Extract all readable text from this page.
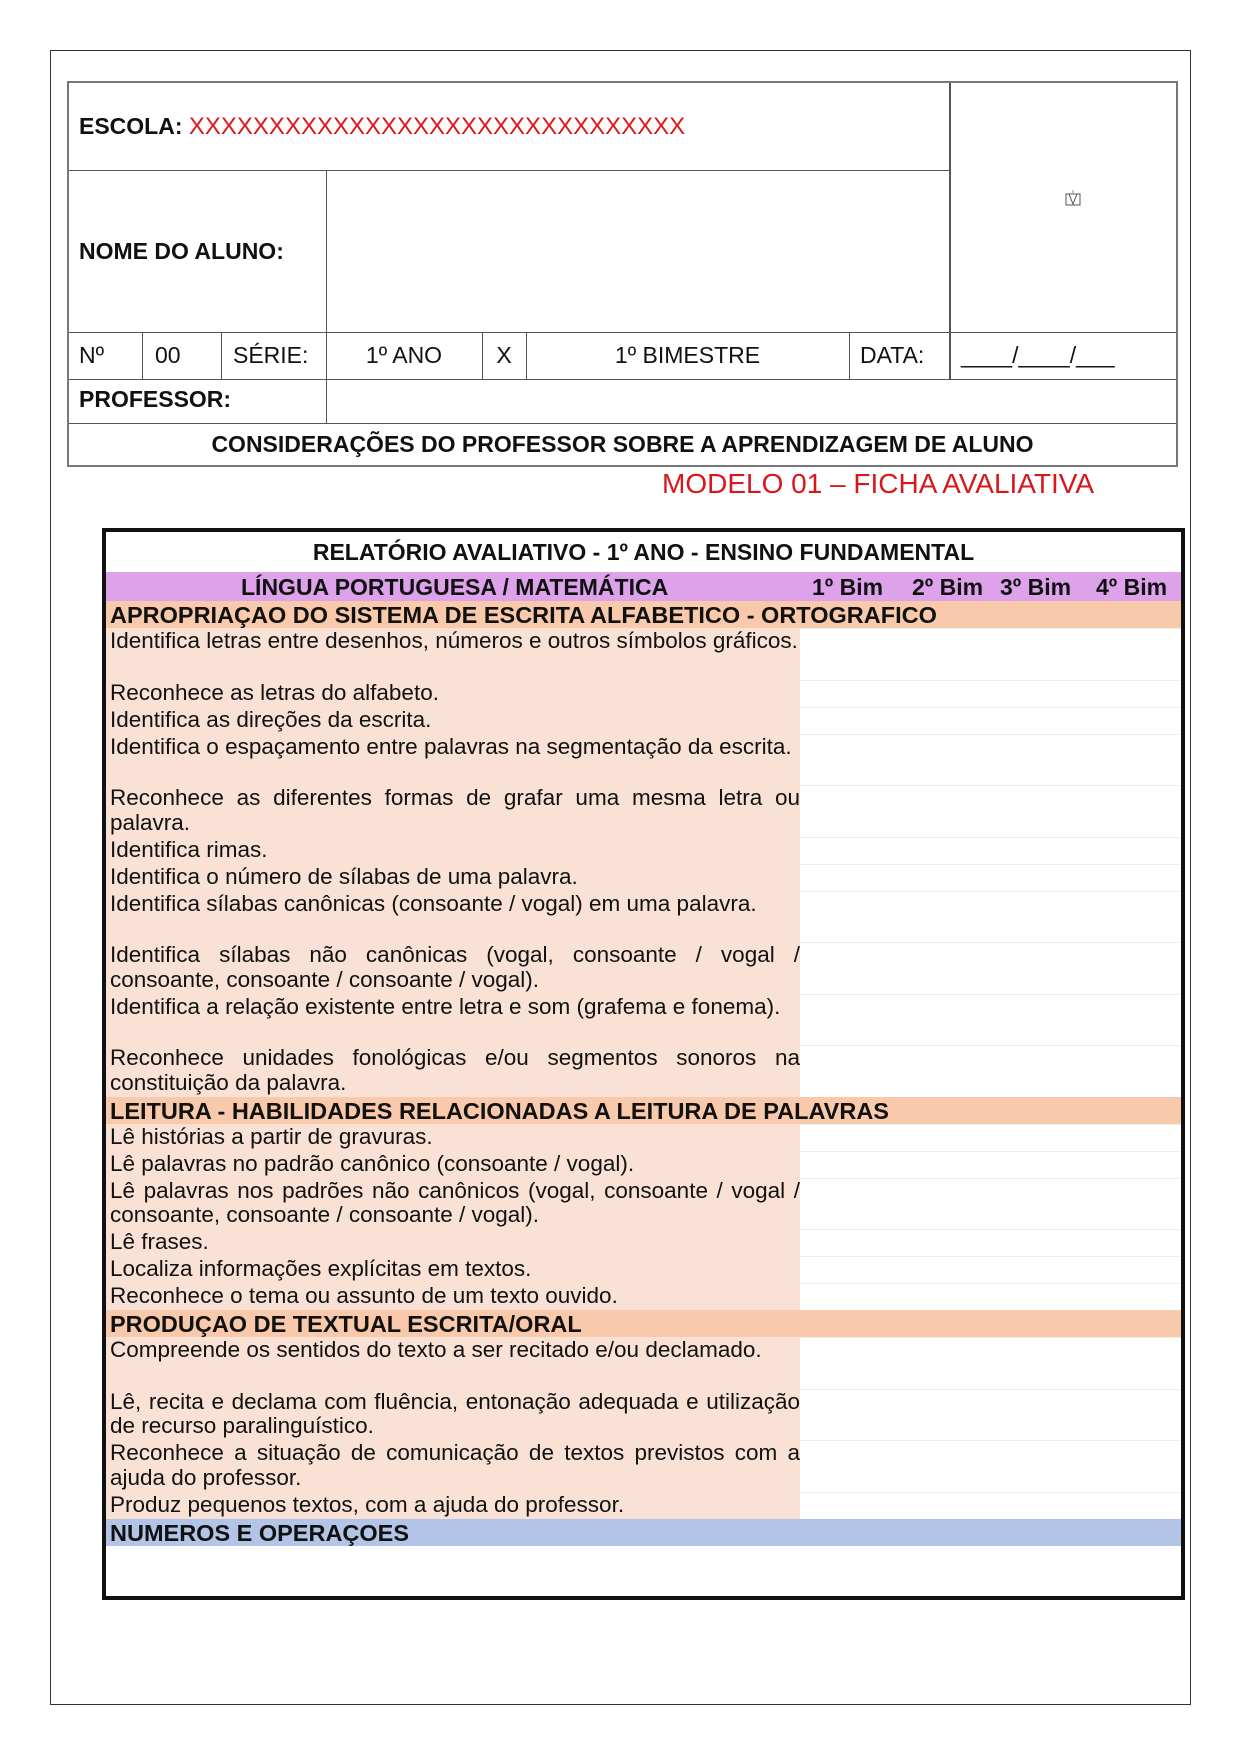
ESCOLA: XXXXXXXXXXXXXXXXXXXXXXXXXXXXXXX
NOME DO ALUNO:
Nº 00 SÉRIE:	1º ANO	X	1º BIMESTRE	DATA: ____/____/___
PROFESSOR:
CONSIDERAÇÕES DO PROFESSOR SOBRE A APRENDIZAGEM DE ALUNO
MODELO 01 – FICHA AVALIATIVA
RELATÓRIO AVALIATIVO - 1º ANO - ENSINO FUNDAMENTAL
LÍNGUA PORTUGUESA / MATEMÁTICA	1º Bim 2º Bim 3º Bim 4º Bim
APROPRIAÇAO DO SISTEMA DE ESCRITA ALFABETICO - ORTOGRAFICO
Identifica letras entre desenhos, números e outros símbolos gráficos.
Reconhece as letras do alfabeto.
Identifica as direções da escrita.
Identifica o espaçamento entre palavras na segmentação da escrita.
Reconhece as diferentes formas de grafar uma mesma letra ou palavra.
Identifica rimas.
Identifica o número de sílabas de uma palavra.
Identifica sílabas canônicas (consoante / vogal) em uma palavra.
Identifica sílabas não canônicas (vogal, consoante / vogal / consoante, consoante / consoante / vogal).
Identifica a relação existente entre letra e som (grafema e fonema).
Reconhece unidades fonológicas e/ou segmentos sonoros na constituição da palavra.
LEITURA - HABILIDADES RELACIONADAS A LEITURA DE PALAVRAS
Lê histórias a partir de gravuras.
Lê palavras no padrão canônico (consoante / vogal).
Lê palavras nos padrões não canônicos (vogal, consoante / vogal / consoante, consoante / consoante / vogal).
Lê frases.
Localiza informações explícitas em textos.
Reconhece o tema ou assunto de um texto ouvido.
PRODUÇAO DE TEXTUAL ESCRITA/ORAL
Compreende os sentidos do texto a ser recitado e/ou declamado.
Lê, recita e declama com fluência, entonação adequada e utilização de recurso paralinguístico.
Reconhece a situação de comunicação de textos previstos com a ajuda do professor.
Produz pequenos textos, com a ajuda do professor.
NUMEROS E OPERAÇOES
